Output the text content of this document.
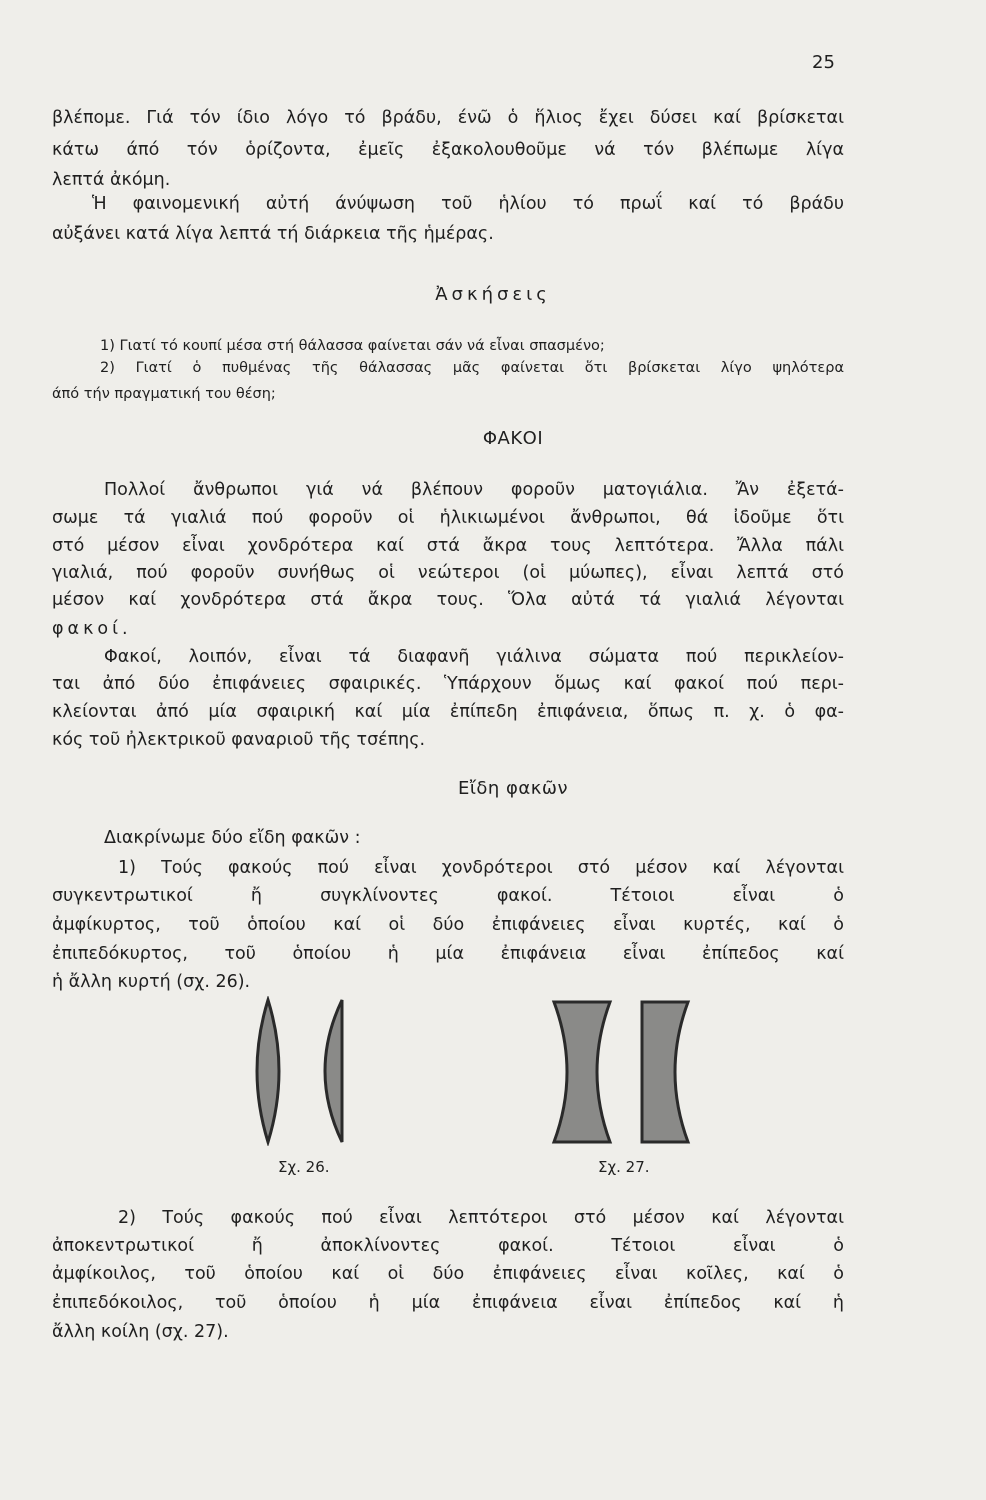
25
βλέπομε. Γιά τόν ίδιο λόγο τό βράδυ, ένῶ ὁ ἥλιος ἔχει δύσει καί βρίσκεται
κάτω άπό τόν ὁρίζοντα, ἐμεῖς ἐξακολουθοῦμε νά τόν βλέπωμε λίγα
λεπτά ἀκόμη.
Ἡ φαινομενική αὐτή άνύψωση τοῦ ἡλίου τό πρωΐ καί τό βράδυ
αὐξάνει κατά λίγα λεπτά τή διάρκεια τῆς ἡμέρας.
Ἀσκήσεις
1) Γιατί τό κουπί μέσα στή θάλασσα φαίνεται σάν νά εἶναι σπασμένο;
2) Γιατί ὁ πυθμένας τῆς θάλασσας μᾶς φαίνεται ὅτι βρίσκεται λίγο ψηλότερα
άπό τήν πραγματική του θέση;
ΦΑΚΟΙ
Πολλοί ἄνθρωποι γιά νά βλέπουν φοροῦν ματογιάλια. Ἄν ἐξετά-
σωμε τά γιαλιά πού φοροῦν οἱ ἡλικιωμένοι ἄνθρωποι, θά ἰδοῦμε ὅτι
στό μέσον εἶναι χονδρότερα καί στά ἄκρα τους λεπτότερα. Ἄλλα πάλι
γιαλιά, πού φοροῦν συνήθως οἱ νεώτεροι (οἱ μύωπες), εἶναι λεπτά στό
μέσον καί χονδρότερα στά ἄκρα τους. Ὅλα αὐτά τά γιαλιά λέγονται
φακοί.
Φακοί, λοιπόν, εἶναι τά διαφανῆ γιάλινα σώματα πού περικλείον-
ται ἀπό δύο ἐπιφάνειες σφαιρικές. Ὑπάρχουν ὅμως καί φακοί πού περι-
κλείονται ἀπό μία σφαιρική καί μία ἐπίπεδη ἐπιφάνεια, ὅπως π. χ. ὁ φα-
κός τοῦ ἠλεκτρικοῦ φαναριοῦ τῆς τσέπης.
Εἴδη φακῶν
Διακρίνωμε δύο εἴδη φακῶν :
1) Τούς φακούς πού εἶναι χονδρότεροι στό μέσον καί λέγονται
συγκεντρωτικοί ἤ συγκλίνοντες φακοί. Τέτοιοι εἶναι ὁ
ἀμφίκυρτος, τοῦ ὁποίου καί οἱ δύο ἐπιφάνειες εἶναι κυρτές, καί ὁ
ἐπιπεδόκυρτος, τοῦ ὁποίου ἡ μία ἐπιφάνεια εἶναι ἐπίπεδος καί
ἡ ἄλλη κυρτή (σχ. 26).
Σχ. 26.	Σχ. 27.
2) Τούς φακούς πού εἶναι λεπτότεροι στό μέσον καί λέγονται
ἀποκεντρωτικοί ἤ ἀποκλίνοντες φακοί. Τέτοιοι εἶναι ὁ
ἀμφίκοιλος, τοῦ ὁποίου καί οἱ δύο ἐπιφάνειες εἶναι κοῖλες, καί ὁ
ἐπιπεδόκοιλος, τοῦ ὁποίου ἡ μία ἐπιφάνεια εἶναι ἐπίπεδος καί ἡ
ἄλλη κοίλη (σχ. 27).
